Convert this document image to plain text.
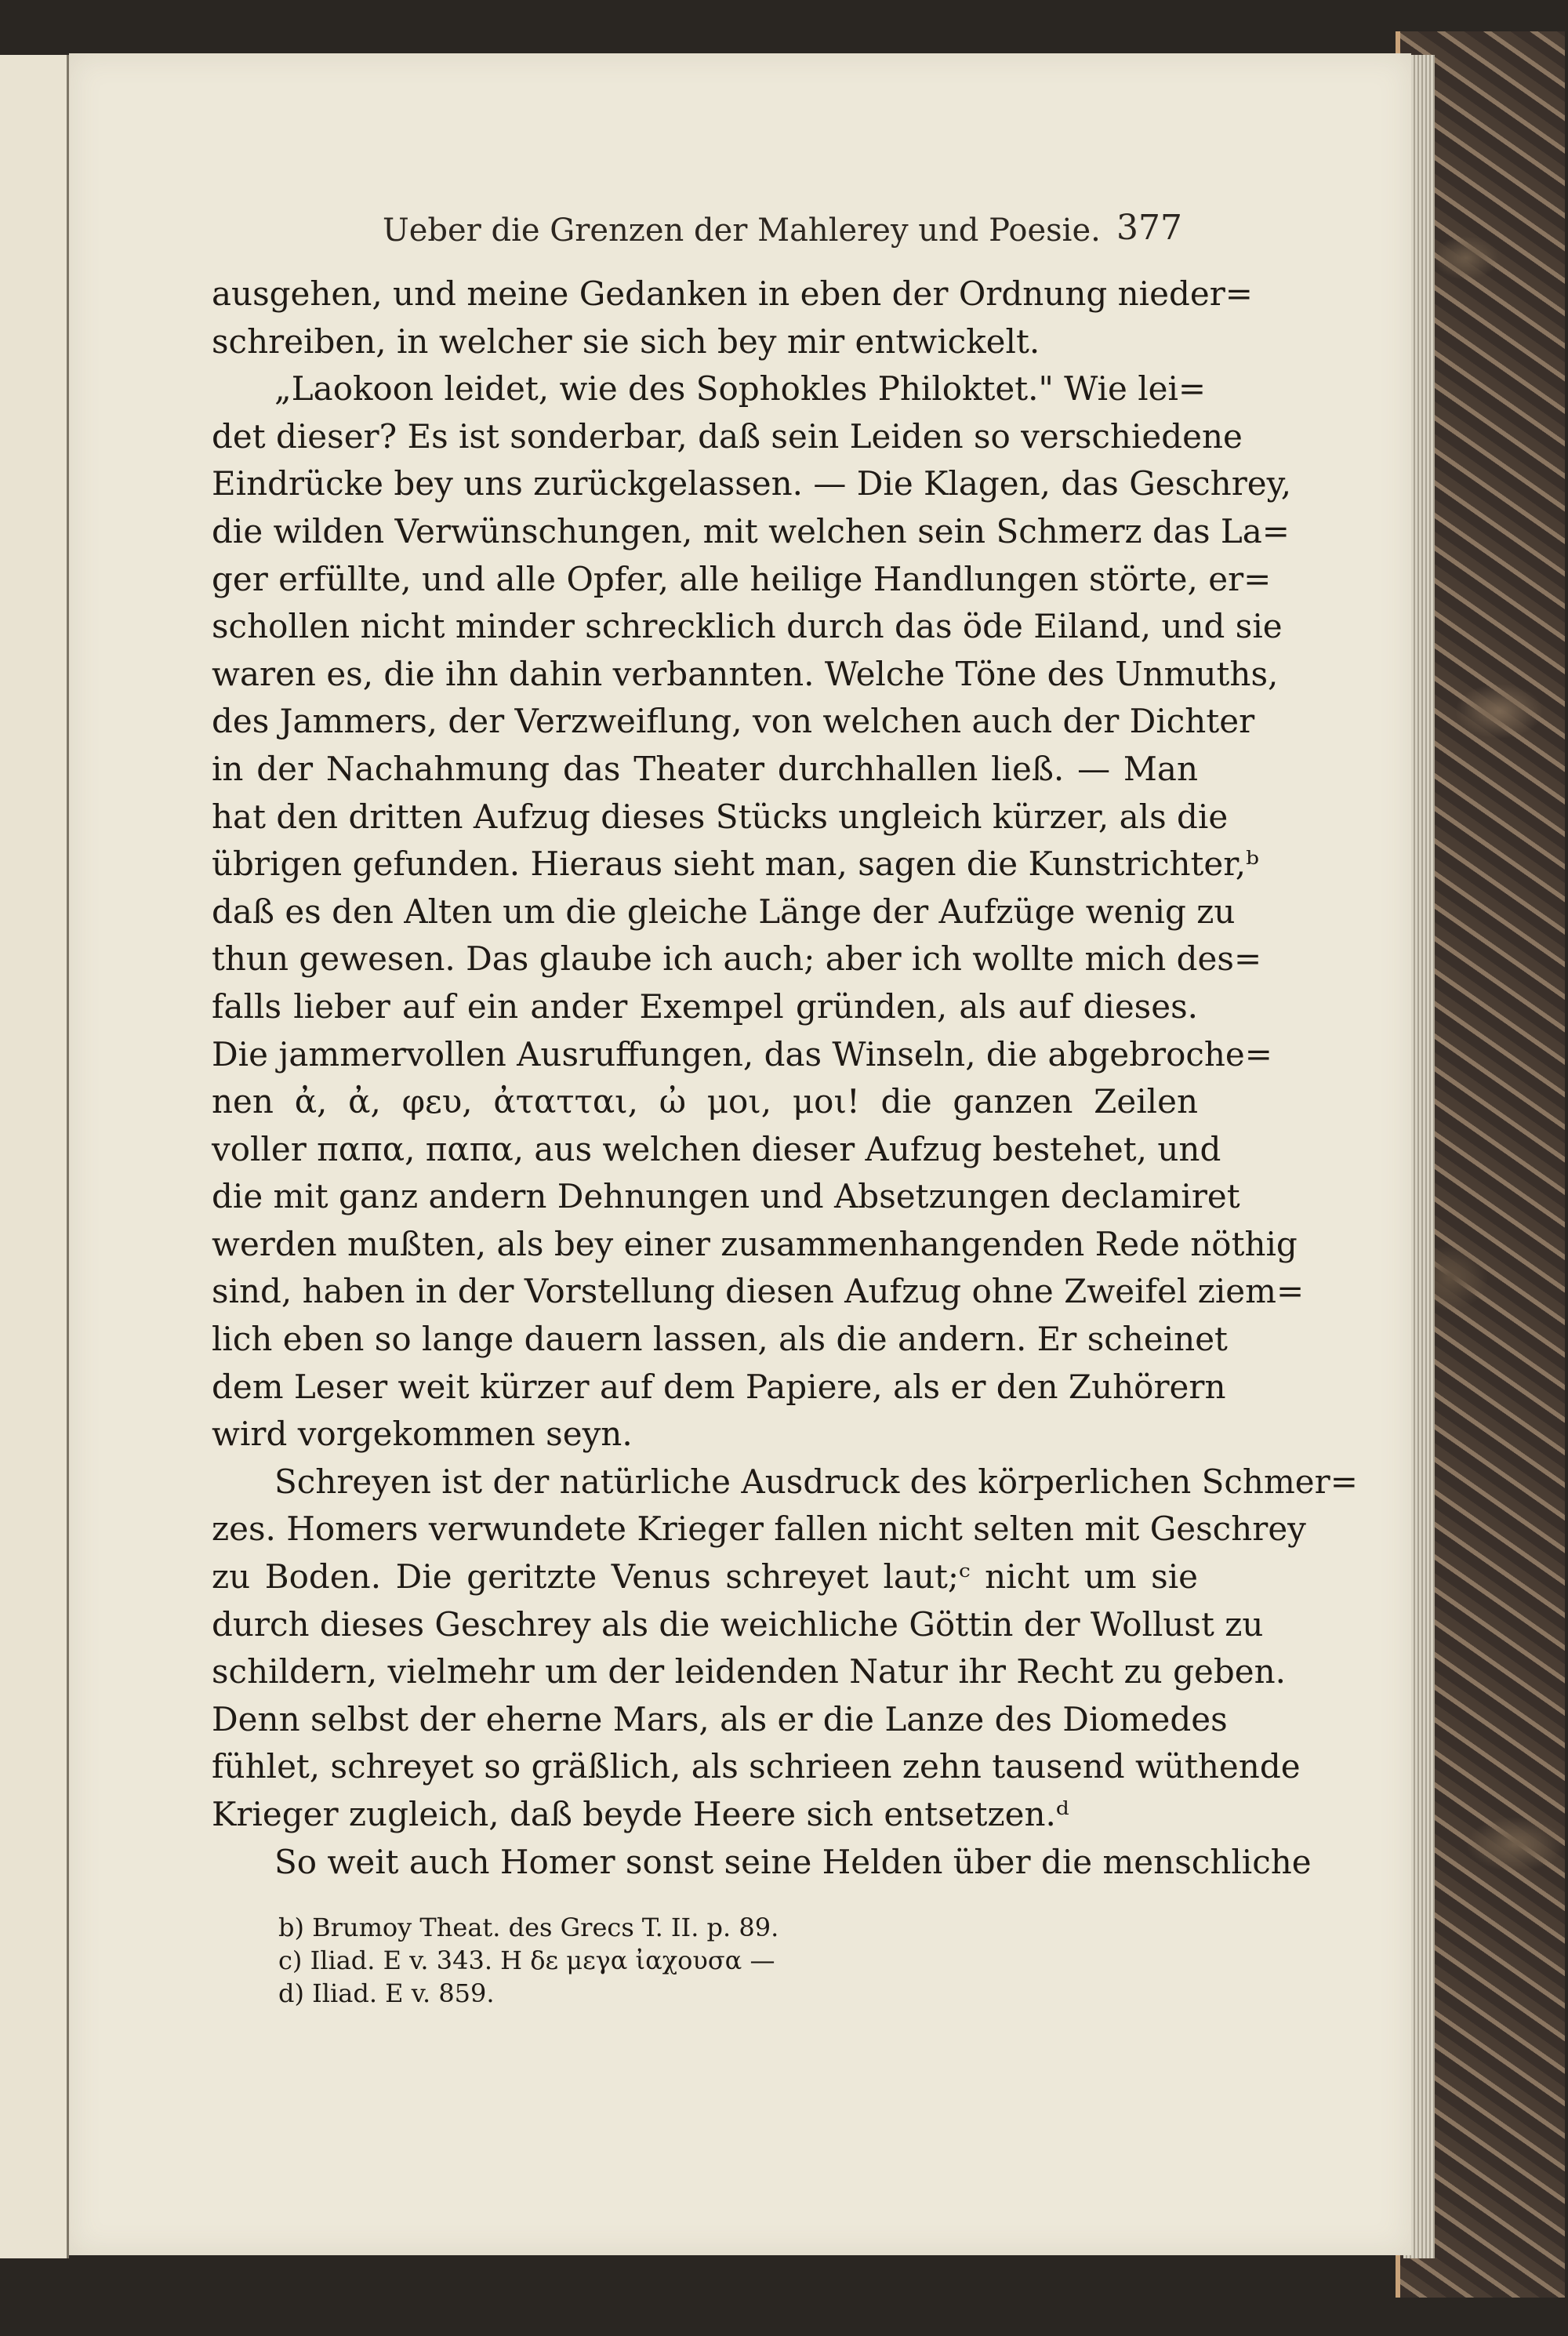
Ueber die Grenzen der Mahlerey und Poesie. 377
ausgehen, und meine Gedanken in eben der Ordnung nieder=
schreiben, in welcher sie sich bey mir entwickelt.
„Laokoon leidet, wie des Sophokles Philoktet." Wie lei=
det dieser? Es ist sonderbar, daß sein Leiden so verschiedene
Eindrücke bey uns zurückgelassen. — Die Klagen, das Geschrey,
die wilden Verwünschungen, mit welchen sein Schmerz das La=
ger erfüllte, und alle Opfer, alle heilige Handlungen störte, er=
schollen nicht minder schrecklich durch das öde Eiland, und sie
waren es, die ihn dahin verbannten. Welche Töne des Unmuths,
des Jammers, der Verzweiflung, von welchen auch der Dichter
in der Nachahmung das Theater durchhallen ließ. — Man
hat den dritten Aufzug dieses Stücks ungleich kürzer, als die
übrigen gefunden. Hieraus sieht man, sagen die Kunstrichter,ᵇ
daß es den Alten um die gleiche Länge der Aufzüge wenig zu
thun gewesen. Das glaube ich auch; aber ich wollte mich des=
falls lieber auf ein ander Exempel gründen, als auf dieses.
Die jammervollen Ausruffungen, das Winseln, die abgebroche=
nen ἀ, ἀ, φευ, ἀτατται, ὠ μοι, μοι! die ganzen Zeilen
voller παπα, παπα, aus welchen dieser Aufzug bestehet, und
die mit ganz andern Dehnungen und Absetzungen declamiret
werden mußten, als bey einer zusammenhangenden Rede nöthig
sind, haben in der Vorstellung diesen Aufzug ohne Zweifel ziem=
lich eben so lange dauern lassen, als die andern. Er scheinet
dem Leser weit kürzer auf dem Papiere, als er den Zuhörern
wird vorgekommen seyn.
Schreyen ist der natürliche Ausdruck des körperlichen Schmer=
zes. Homers verwundete Krieger fallen nicht selten mit Geschrey
zu Boden. Die geritzte Venus schreyet laut;ᶜ nicht um sie
durch dieses Geschrey als die weichliche Göttin der Wollust zu
schildern, vielmehr um der leidenden Natur ihr Recht zu geben.
Denn selbst der eherne Mars, als er die Lanze des Diomedes
fühlet, schreyet so gräßlich, als schrieen zehn tausend wüthende
Krieger zugleich, daß beyde Heere sich entsetzen.ᵈ
So weit auch Homer sonst seine Helden über die menschliche
b) Brumoy Theat. des Grecs T. II. p. 89.
c) Iliad. E v. 343. H δε μεγα ἰαχουσα —
d) Iliad. E v. 859.
